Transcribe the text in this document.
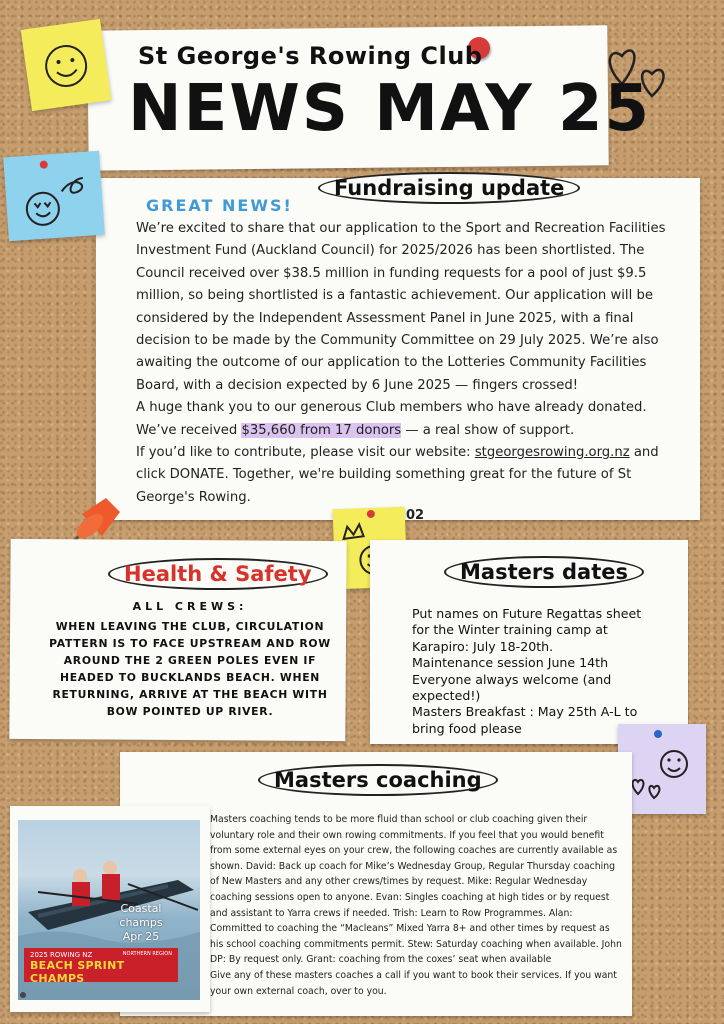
St George's Rowing Club
NEWS MAY 25
Fundraising update
GREAT NEWS!

We’re excited to share that our application to the Sport and Recreation Facilities Investment Fund (Auckland Council) for 2025/2026 has been shortlisted. The Council received over $38.5 million in funding requests for a pool of just $9.5 million, so being shortlisted is a fantastic achievement. Our application will be considered by the Independent Assessment Panel in June 2025, with a final decision to be made by the Community Committee on 29 July 2025. We’re also awaiting the outcome of our application to the Lotteries Community Facilities Board, with a decision expected by 6 June 2025 — fingers crossed!

A huge thank you to our generous Club members who have already donated. We’ve received $35,660 from 17 donors — a real show of support.

If you’d like to contribute, please visit our website: stgeorgesrowing.org.nz and click DONATE. Together, we're building something great for the future of St George's Rowing.

02
Health & Safety
ALL CREWS:
WHEN LEAVING THE CLUB, CIRCULATION PATTERN IS TO FACE UPSTREAM AND ROW AROUND THE 2 GREEN POLES EVEN IF HEADED TO BUCKLANDS BEACH. WHEN RETURNING, ARRIVE AT THE BEACH WITH BOW POINTED UP RIVER.
Masters dates

Put names on Future Regattas sheet for the Winter training camp at Karapiro: July 18-20th.

Maintenance session June 14th Everyone always welcome (and expected!)

Masters Breakfast : May 25th A-L to bring food please

Masters coaching
Coastal champs Apr 25
2025 ROWING NZ	NORTHERN REGION
BEACH SPRINT CHAMPS

Masters coaching tends to be more fluid than school or club coaching given their voluntary role and their own rowing commitments. If you feel that you would benefit from some external eyes on your crew, the following coaches are currently available as shown. David: Back up coach for Mike’s Wednesday Group, Regular Thursday coaching of New Masters and any other crews/times by request. Mike: Regular Wednesday coaching sessions open to anyone. Evan: Singles coaching at high tides or by request and assistant to Yarra crews if needed. Trish: Learn to Row Programmes. Alan: Committed to coaching the “Macleans” Mixed Yarra 8+ and other times by request as his school coaching commitments permit. Stew: Saturday coaching when available. John DP: By request only. Grant: coaching from the coxes’ seat when available

Give any of these masters coaches a call if you want to book their services. If you want your own external coach, over to you.
